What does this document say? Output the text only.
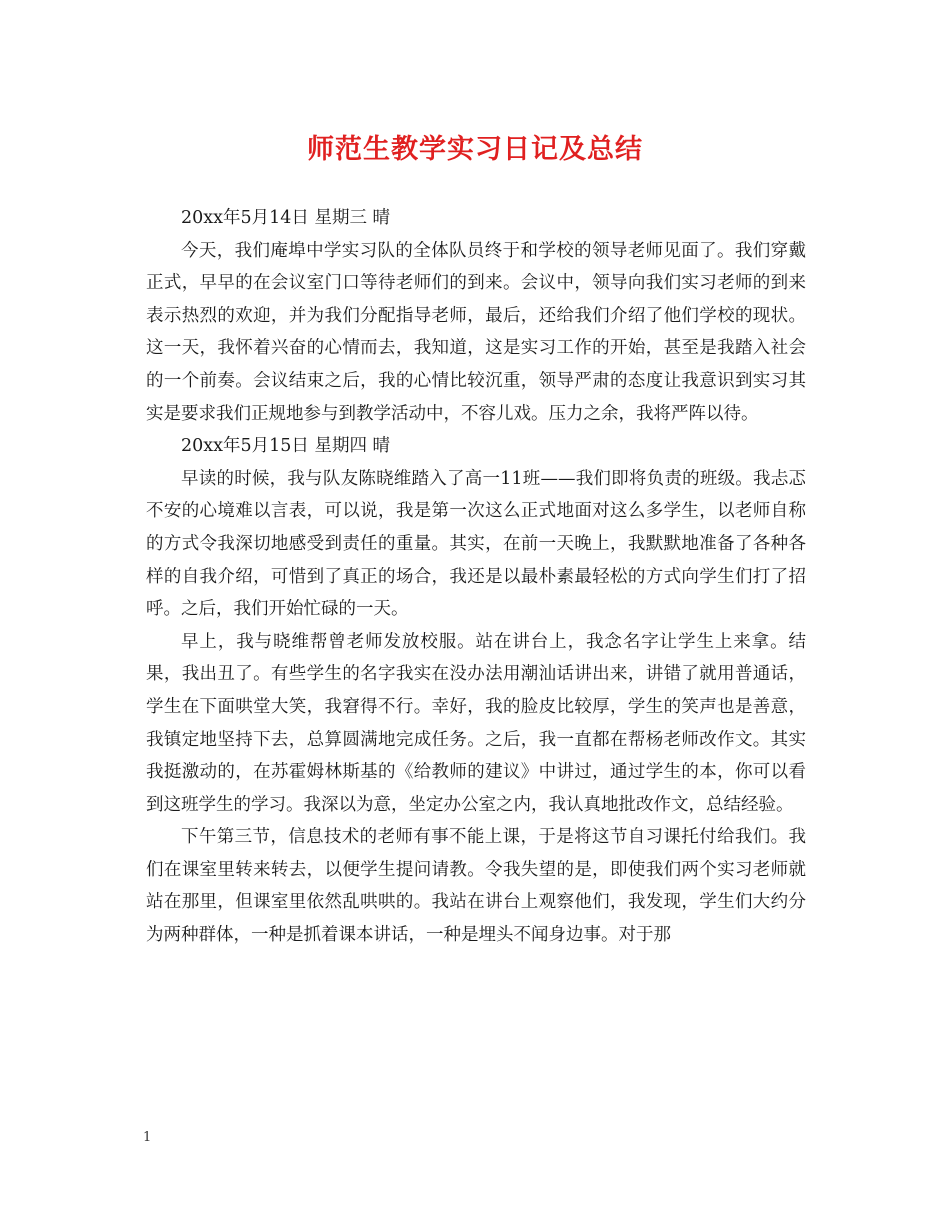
师范生教学实习日记及总结

20xx年5月14日 星期三 晴

今天，我们庵埠中学实习队的全体队员终于和学校的领导老师见面了。我们穿戴正式，早早的在会议室门口等待老师们的到来。会议中，领导向我们实习老师的到来表示热烈的欢迎，并为我们分配指导老师，最后，还给我们介绍了他们学校的现状。这一天，我怀着兴奋的心情而去，我知道，这是实习工作的开始，甚至是我踏入社会的一个前奏。会议结束之后，我的心情比较沉重，领导严肃的态度让我意识到实习其实是要求我们正规地参与到教学活动中，不容儿戏。压力之余，我将严阵以待。

20xx年5月15日 星期四 晴

早读的时候，我与队友陈晓维踏入了高一11班——我们即将负责的班级。我忐忑不安的心境难以言表，可以说，我是第一次这么正式地面对这么多学生，以老师自称的方式令我深切地感受到责任的重量。其实，在前一天晚上，我默默地准备了各种各样的自我介绍，可惜到了真正的场合，我还是以最朴素最轻松的方式向学生们打了招呼。之后，我们开始忙碌的一天。

早上，我与晓维帮曾老师发放校服。站在讲台上，我念名字让学生上来拿。结果，我出丑了。有些学生的名字我实在没办法用潮汕话讲出来，讲错了就用普通话，学生在下面哄堂大笑，我窘得不行。幸好，我的脸皮比较厚，学生的笑声也是善意，我镇定地坚持下去，总算圆满地完成任务。之后，我一直都在帮杨老师改作文。其实我挺激动的，在苏霍姆林斯基的《给教师的建议》中讲过，通过学生的本，你可以看到这班学生的学习。我深以为意，坐定办公室之内，我认真地批改作文，总结经验。

下午第三节，信息技术的老师有事不能上课，于是将这节自习课托付给我们。我们在课室里转来转去，以便学生提问请教。令我失望的是，即使我们两个实习老师就站在那里，但课室里依然乱哄哄的。我站在讲台上观察他们，我发现，学生们大约分为两种群体，一种是抓着课本讲话，一种是埋头不闻身边事。对于那

1
